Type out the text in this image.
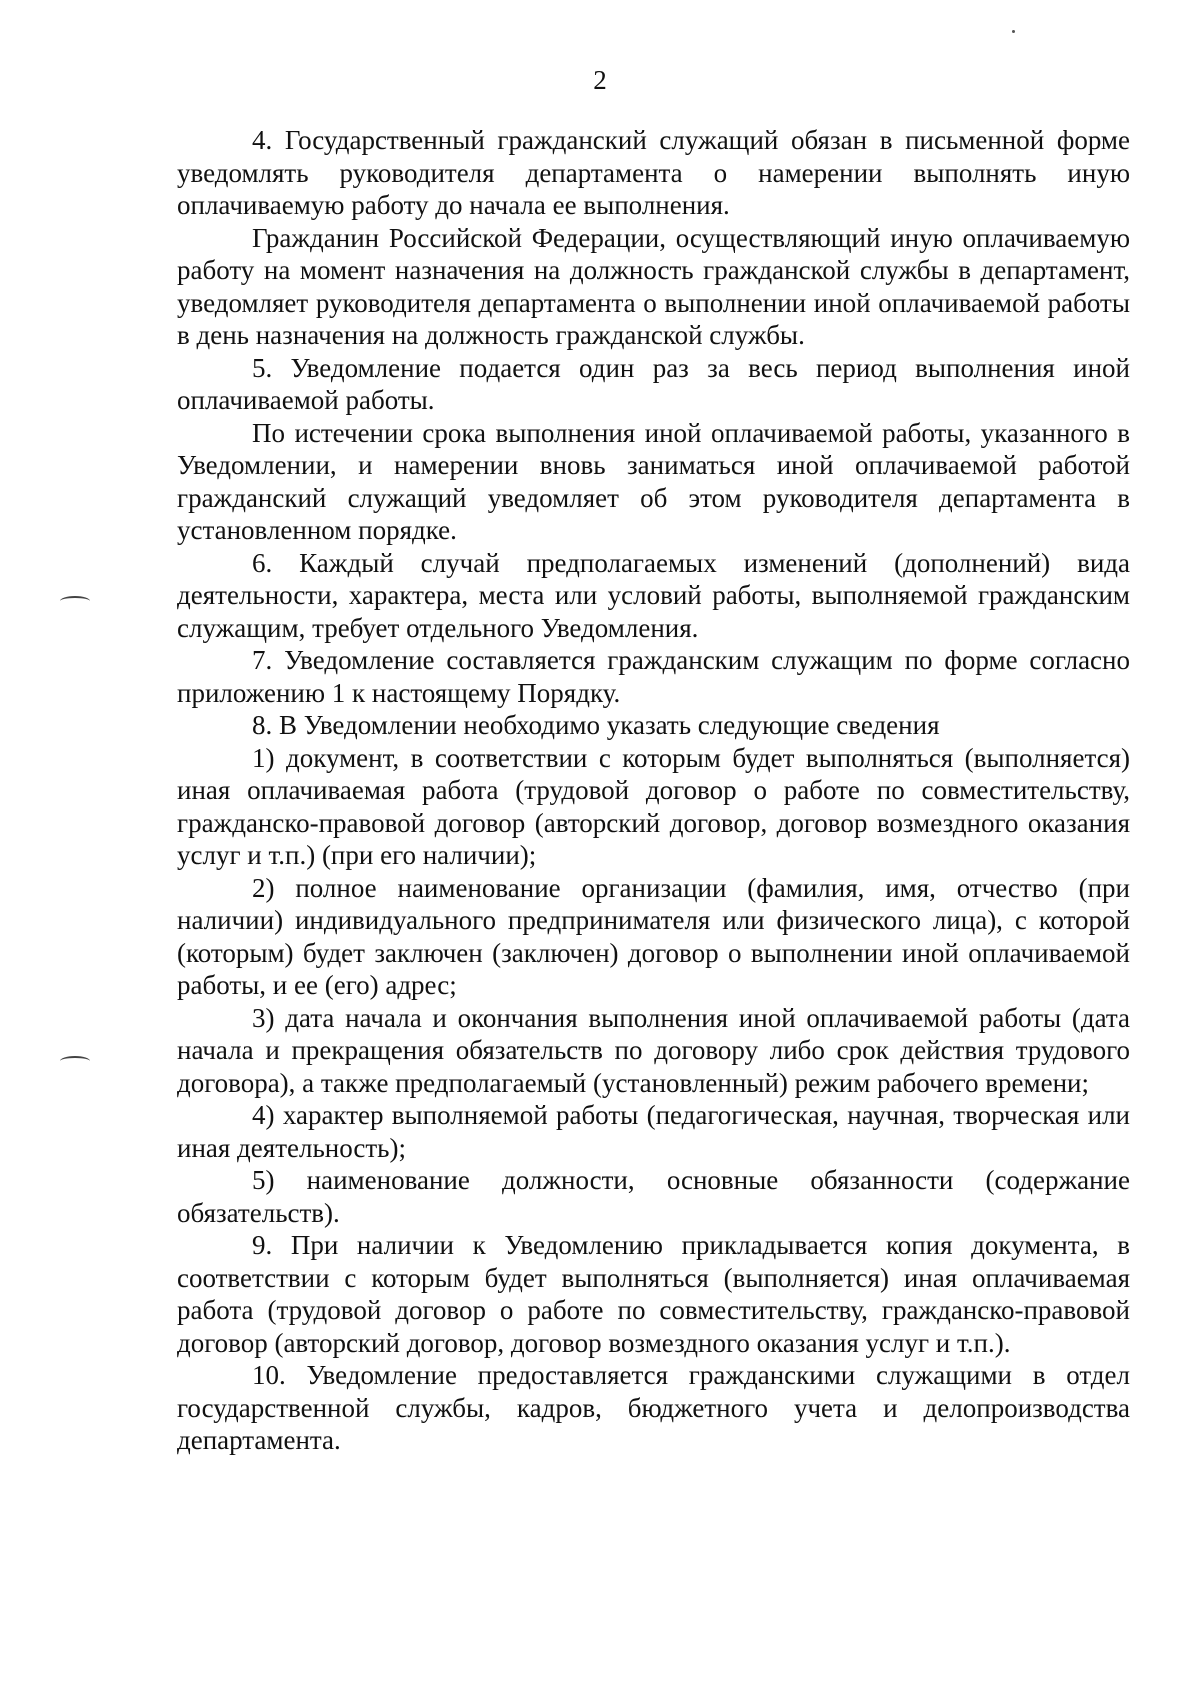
2

4. Государственный гражданский служащий обязан в письменной форме уведомлять руководителя департамента о намерении выполнять иную оплачиваемую работу до начала ее выполнения.

Гражданин Российской Федерации, осуществляющий иную оплачиваемую работу на момент назначения на должность гражданской службы в департамент, уведомляет руководителя департамента о выполнении иной оплачиваемой работы в день назначения на должность гражданской службы.

5. Уведомление подается один раз за весь период выполнения иной оплачиваемой работы.

По истечении срока выполнения иной оплачиваемой работы, указанного в Уведомлении, и намерении вновь заниматься иной оплачиваемой работой гражданский служащий уведомляет об этом руководителя департамента в установленном порядке.

6. Каждый случай предполагаемых изменений (дополнений) вида деятельности, характера, места или условий работы, выполняемой гражданским служащим, требует отдельного Уведомления.

7. Уведомление составляется гражданским служащим по форме согласно приложению 1 к настоящему Порядку.

8. В Уведомлении необходимо указать следующие сведения

1) документ, в соответствии с которым будет выполняться (выполняется) иная оплачиваемая работа (трудовой договор о работе по совместительству, гражданско-правовой договор (авторский договор, договор возмездного оказания услуг и т.п.) (при его наличии);

2) полное наименование организации (фамилия, имя, отчество (при наличии) индивидуального предпринимателя или физического лица), с которой (которым) будет заключен (заключен) договор о выполнении иной оплачиваемой работы, и ее (его) адрес;

3) дата начала и окончания выполнения иной оплачиваемой работы (дата начала и прекращения обязательств по договору либо срок действия трудового договора), а также предполагаемый (установленный) режим рабочего времени;

4) характер выполняемой работы (педагогическая, научная, творческая или иная деятельность);

5) наименование должности, основные обязанности (содержание обязательств).

9. При наличии к Уведомлению прикладывается копия документа, в соответствии с которым будет выполняться (выполняется) иная оплачиваемая работа (трудовой договор о работе по совместительству, гражданско-правовой договор (авторский договор, договор возмездного оказания услуг и т.п.).

10. Уведомление предоставляется гражданскими служащими в отдел государственной службы, кадров, бюджетного учета и делопроизводства департамента.
